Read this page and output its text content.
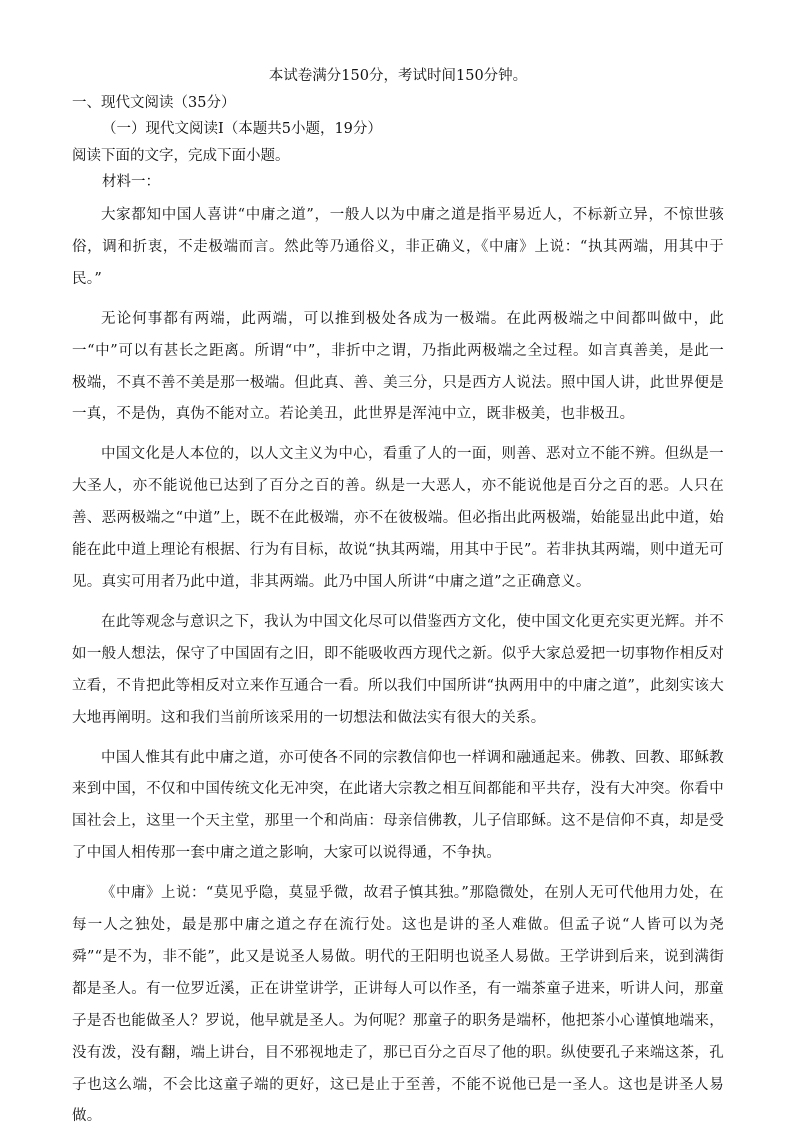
本试卷满分150分，考试时间150分钟。
一、现代文阅读（35分）
（一）现代文阅读Ⅰ（本题共5小题，19分）
阅读下面的文字，完成下面小题。
材料一：
大家都知中国人喜讲“中庸之道”，一般人以为中庸之道是指平易近人，不标新立异，不惊世骇俗，调和折衷，不走极端而言。然此等乃通俗义，非正确义，《中庸》上说：“执其两端，用其中于民。”
无论何事都有两端，此两端，可以推到极处各成为一极端。在此两极端之中间都叫做中，此一“中”可以有甚长之距离。所谓“中”，非折中之谓，乃指此两极端之全过程。如言真善美，是此一极端，不真不善不美是那一极端。但此真、善、美三分，只是西方人说法。照中国人讲，此世界便是一真，不是伪，真伪不能对立。若论美丑，此世界是浑沌中立，既非极美，也非极丑。
中国文化是人本位的，以人文主义为中心，看重了人的一面，则善、恶对立不能不辨。但纵是一大圣人，亦不能说他已达到了百分之百的善。纵是一大恶人，亦不能说他是百分之百的恶。人只在善、恶两极端之“中道”上，既不在此极端，亦不在彼极端。但必指出此两极端，始能显出此中道，始能在此中道上理论有根据、行为有目标，故说“执其两端，用其中于民”。若非执其两端，则中道无可见。真实可用者乃此中道，非其两端。此乃中国人所讲“中庸之道”之正确意义。
在此等观念与意识之下，我认为中国文化尽可以借鉴西方文化，使中国文化更充实更光辉。并不如一般人想法，保守了中国固有之旧，即不能吸收西方现代之新。似乎大家总爱把一切事物作相反对立看，不肯把此等相反对立来作互通合一看。所以我们中国所讲“执两用中的中庸之道”，此刻实该大大地再阐明。这和我们当前所该采用的一切想法和做法实有很大的关系。
中国人惟其有此中庸之道，亦可使各不同的宗教信仰也一样调和融通起来。佛教、回教、耶稣教来到中国，不仅和中国传统文化无冲突，在此诸大宗教之相互间都能和平共存，没有大冲突。你看中国社会上，这里一个天主堂，那里一个和尚庙：母亲信佛教，儿子信耶稣。这不是信仰不真，却是受了中国人相传那一套中庸之道之影响，大家可以说得通，不争执。
《中庸》上说：“莫见乎隐，莫显乎微，故君子慎其独。”那隐微处，在别人无可代他用力处，在每一人之独处，最是那中庸之道之存在流行处。这也是讲的圣人难做。但孟子说“人皆可以为尧舜”“是不为，非不能”，此又是说圣人易做。明代的王阳明也说圣人易做。王学讲到后来，说到满街都是圣人。有一位罗近溪，正在讲堂讲学，正讲每人可以作圣，有一端茶童子进来，听讲人问，那童子是否也能做圣人？罗说，他早就是圣人。为何呢？那童子的职务是端杯，他把茶小心谨慎地端来，没有泼，没有翻，端上讲台，目不邪视地走了，那已百分之百尽了他的职。纵使要孔子来端这茶，孔子也这么端，不会比这童子端的更好，这已是止于至善，不能不说他已是一圣人。这也是讲圣人易做。
